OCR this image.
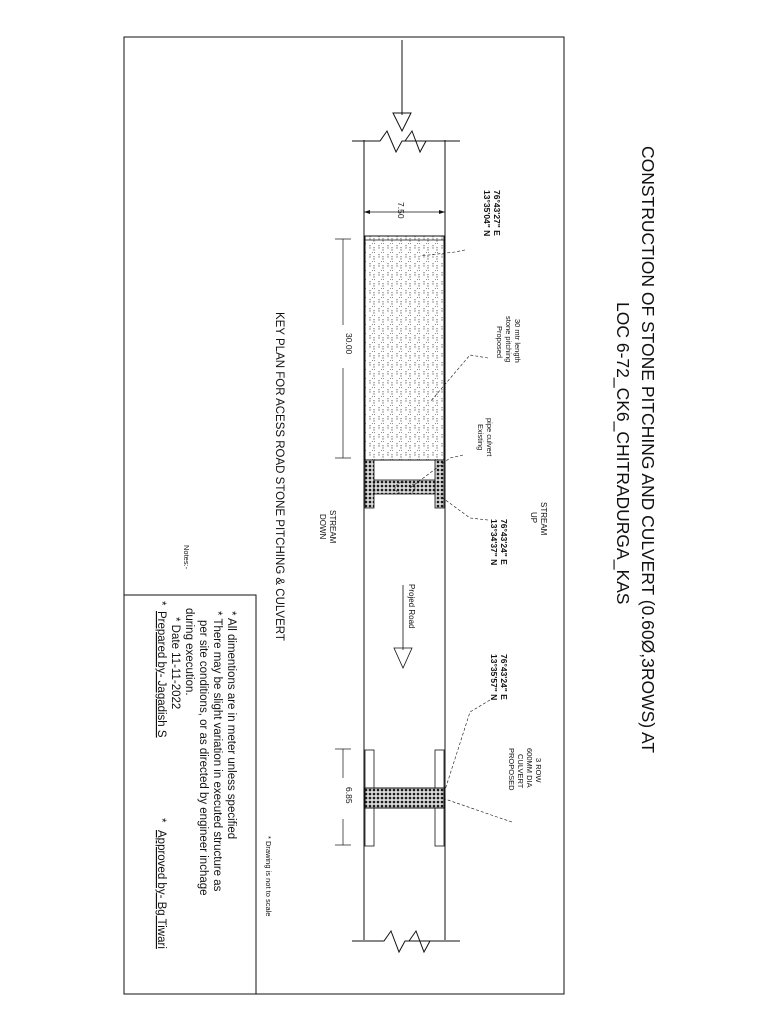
CONSTRUCTION OF STONE PITCHING AND CULVERT (0.60Ø,3ROWS) AT
LOC 6-72_CK6_CHITRADURGA_KAS
KEY PLAN FOR ACESS ROAD STONE PITCHING & CULVERT	UPSTREAM
DOWNSTREAM
Projed Road
13°35'04" N76°43'27" E
13°34'37" N76°43'24" E
13°35'57" N76°43'24" E
Proposedstone pitching30 mtr length
Existingpipe culvert
PROPOSEDCULVERT600MM DIA3 ROW
7.50
30.00
6.85
* Drawing is not to scale
Notes:-
* All dimentions are in meter unless specified
* There may be slight variation in executed structure as
per site conditions, or as directed by engineer inchage
during execution.
* Date 11-11-2022
*
Prepared by- Jagadish S
*
Approved by- Bg Tiwari
